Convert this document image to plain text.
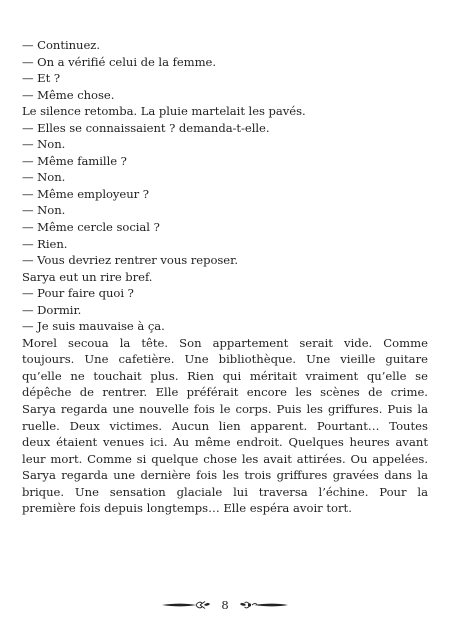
— Continuez.
— On a vérifié celui de la femme.
— Et ?
— Même chose.
Le silence retomba. La pluie martelait les pavés.
— Elles se connaissaient ? demanda-t-elle.
— Non.
— Même famille ?
— Non.
— Même employeur ?
— Non.
— Même cercle social ?
— Rien.
— Vous devriez rentrer vous reposer.
Sarya eut un rire bref.
— Pour faire quoi ?
— Dormir.
— Je suis mauvaise à ça.
Morel secoua la tête. Son appartement serait vide. Comme
toujours. Une cafetière. Une bibliothèque. Une vieille guitare
qu’elle ne touchait plus. Rien qui méritait vraiment qu’elle se
dépêche de rentrer. Elle préférait encore les scènes de crime.
Sarya regarda une nouvelle fois le corps. Puis les griffures. Puis la
ruelle. Deux victimes. Aucun lien apparent. Pourtant… Toutes
deux étaient venues ici. Au même endroit. Quelques heures avant
leur mort. Comme si quelque chose les avait attirées. Ou appelées.
Sarya regarda une dernière fois les trois griffures gravées dans la
brique. Une sensation glaciale lui traversa l’échine. Pour la
première fois depuis longtemps… Elle espéra avoir tort.
8
